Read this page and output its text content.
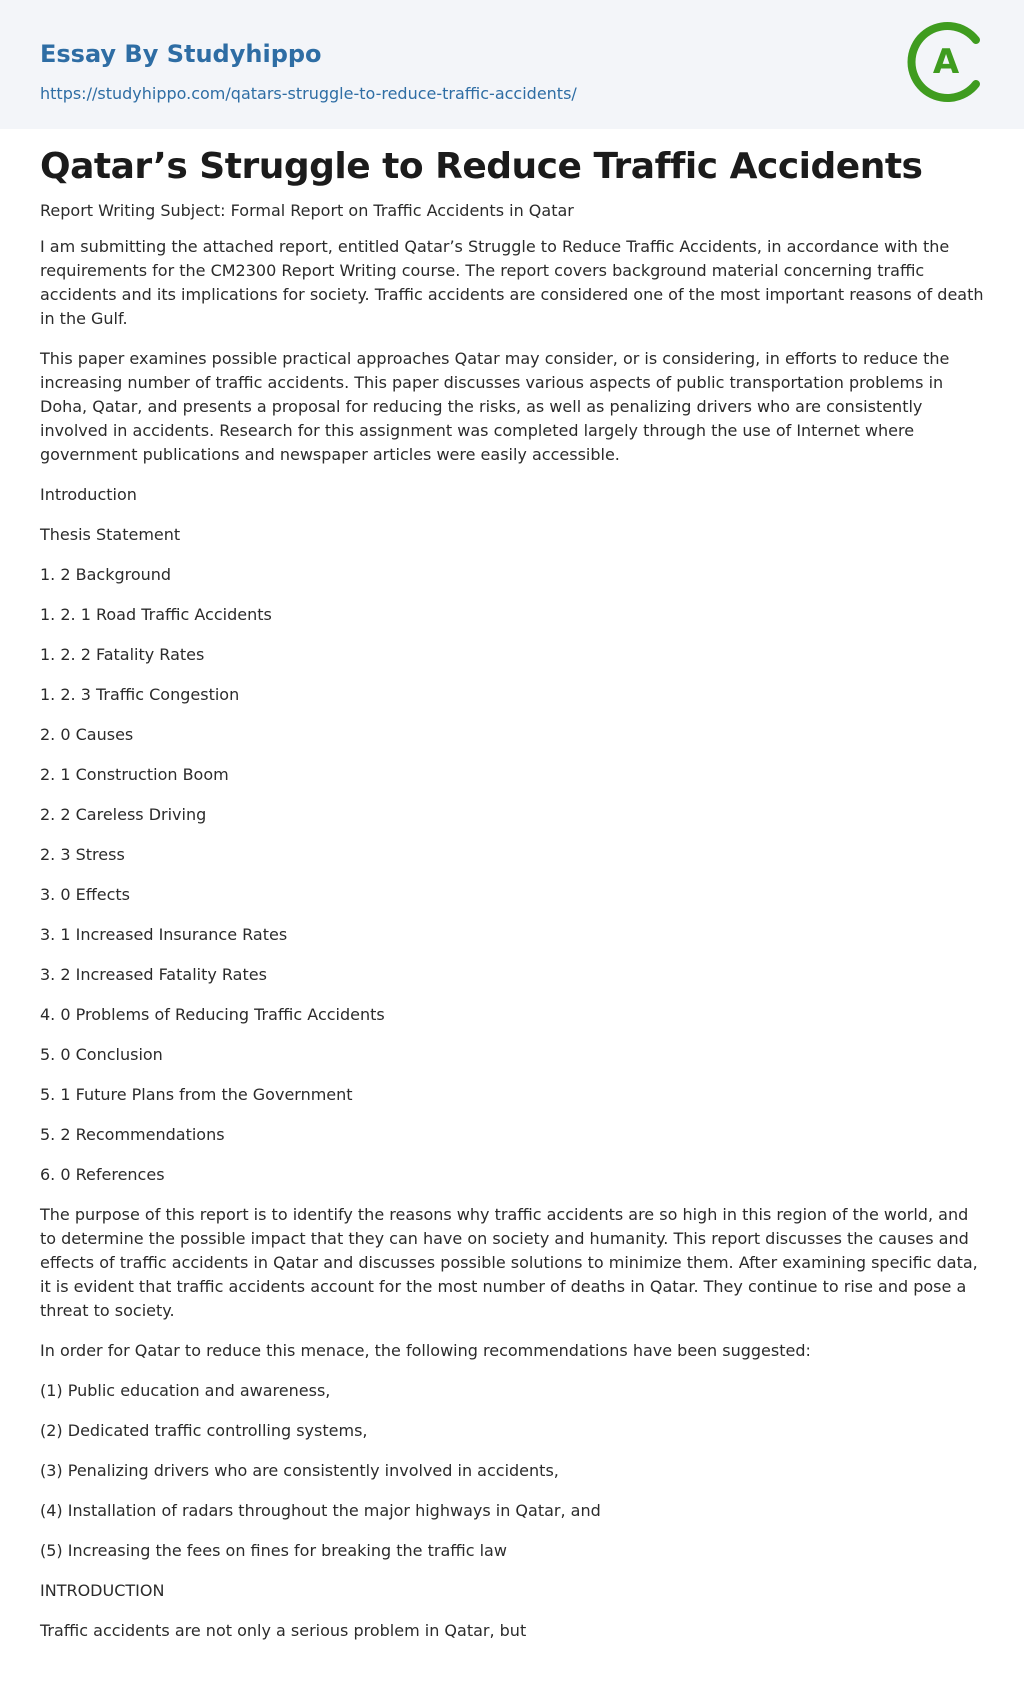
Essay By Studyhippo
https://studyhippo.com/qatars-struggle-to-reduce-traffic-accidents/
A
Qatar’s Struggle to Reduce Traffic Accidents

Report Writing Subject: Formal Report on Traffic Accidents in Qatar

I am submitting the attached report, entitled Qatar’s Struggle to Reduce Traffic Accidents, in accordance with the requirements for the CM2300 Report Writing course. The report covers background material concerning traffic accidents and its implications for society. Traffic accidents are considered one of the most important reasons of death in the Gulf.

This paper examines possible practical approaches Qatar may consider, or is considering, in efforts to reduce the increasing number of traffic accidents. This paper discusses various aspects of public transportation problems in Doha, Qatar, and presents a proposal for reducing the risks, as well as penalizing drivers who are consistently involved in accidents. Research for this assignment was completed largely through the use of Internet where government publications and newspaper articles were easily accessible.

Introduction

Thesis Statement

1. 2 Background

1. 2. 1 Road Traffic Accidents

1. 2. 2 Fatality Rates

1. 2. 3 Traffic Congestion

2. 0 Causes

2. 1 Construction Boom

2. 2 Careless Driving

2. 3 Stress

3. 0 Effects

3. 1 Increased Insurance Rates

3. 2 Increased Fatality Rates

4. 0 Problems of Reducing Traffic Accidents

5. 0 Conclusion

5. 1 Future Plans from the Government

5. 2 Recommendations

6. 0 References

The purpose of this report is to identify the reasons why traffic accidents are so high in this region of the world, and to determine the possible impact that they can have on society and humanity. This report discusses the causes and effects of traffic accidents in Qatar and discusses possible solutions to minimize them. After examining specific data, it is evident that traffic accidents account for the most number of deaths in Qatar. They continue to rise and pose a threat to society.

In order for Qatar to reduce this menace, the following recommendations have been suggested:

(1) Public education and awareness,

(2) Dedicated traffic controlling systems,

(3) Penalizing drivers who are consistently involved in accidents,

(4) Installation of radars throughout the major highways in Qatar, and

(5) Increasing the fees on fines for breaking the traffic law

INTRODUCTION

Traffic accidents are not only a serious problem in Qatar, but
